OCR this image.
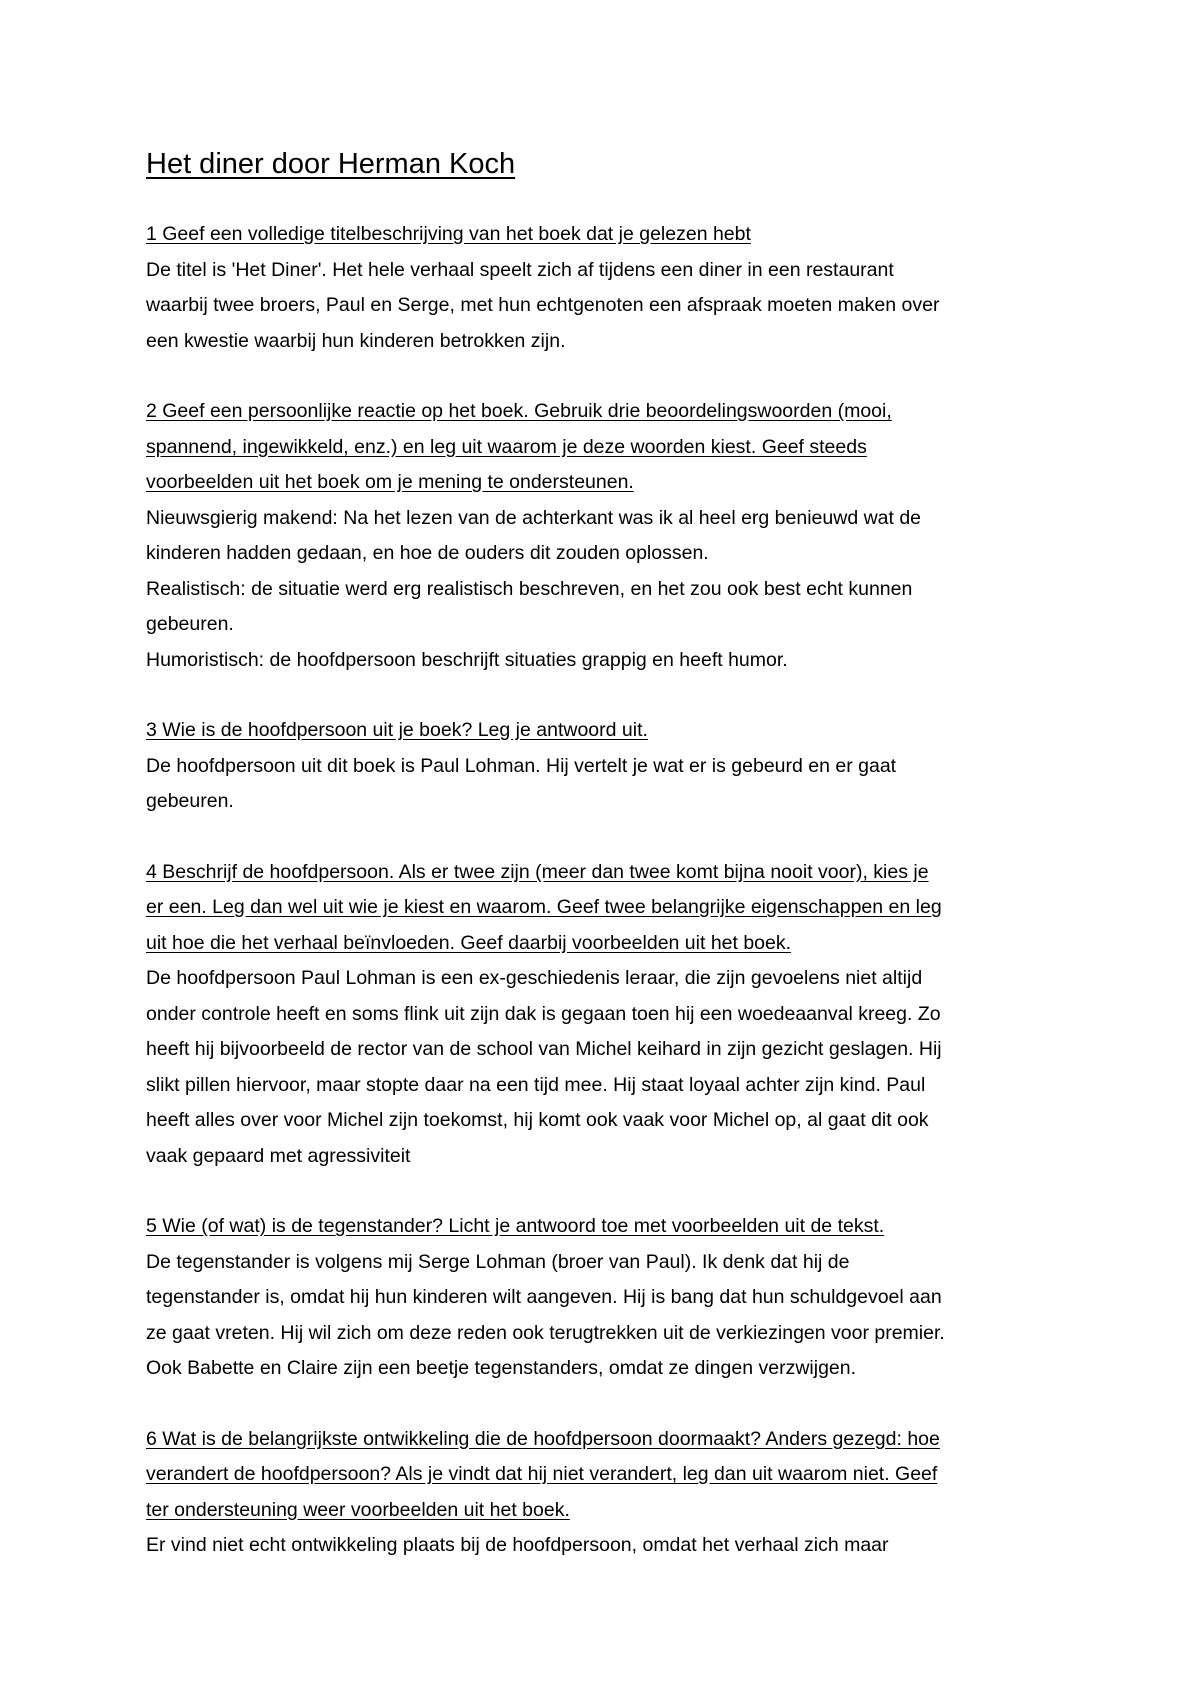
Het diner door Herman Koch
1 Geef een volledige titelbeschrijving van het boek dat je gelezen hebt
De titel is 'Het Diner'. Het hele verhaal speelt zich af tijdens een diner in een restaurant
waarbij twee broers, Paul en Serge, met hun echtgenoten een afspraak moeten maken over
een kwestie waarbij hun kinderen betrokken zijn.
2 Geef een persoonlijke reactie op het boek. Gebruik drie beoordelingswoorden (mooi,
spannend, ingewikkeld, enz.) en leg uit waarom je deze woorden kiest. Geef steeds
voorbeelden uit het boek om je mening te ondersteunen.
Nieuwsgierig makend: Na het lezen van de achterkant was ik al heel erg benieuwd wat de
kinderen hadden gedaan, en hoe de ouders dit zouden oplossen.
Realistisch: de situatie werd erg realistisch beschreven, en het zou ook best echt kunnen
gebeuren.
Humoristisch: de hoofdpersoon beschrijft situaties grappig en heeft humor.
3 Wie is de hoofdpersoon uit je boek? Leg je antwoord uit.
De hoofdpersoon uit dit boek is Paul Lohman. Hij vertelt je wat er is gebeurd en er gaat
gebeuren.
4 Beschrijf de hoofdpersoon. Als er twee zijn (meer dan twee komt bijna nooit voor), kies je
er een. Leg dan wel uit wie je kiest en waarom. Geef twee belangrijke eigenschappen en leg
uit hoe die het verhaal beïnvloeden. Geef daarbij voorbeelden uit het boek.
De hoofdpersoon Paul Lohman is een ex-geschiedenis leraar, die zijn gevoelens niet altijd
onder controle heeft en soms flink uit zijn dak is gegaan toen hij een woedeaanval kreeg. Zo
heeft hij bijvoorbeeld de rector van de school van Michel keihard in zijn gezicht geslagen. Hij
slikt pillen hiervoor, maar stopte daar na een tijd mee. Hij staat loyaal achter zijn kind. Paul
heeft alles over voor Michel zijn toekomst, hij komt ook vaak voor Michel op, al gaat dit ook
vaak gepaard met agressiviteit
5 Wie (of wat) is de tegenstander? Licht je antwoord toe met voorbeelden uit de tekst.
De tegenstander is volgens mij Serge Lohman (broer van Paul). Ik denk dat hij de
tegenstander is, omdat hij hun kinderen wilt aangeven. Hij is bang dat hun schuldgevoel aan
ze gaat vreten. Hij wil zich om deze reden ook terugtrekken uit de verkiezingen voor premier.
Ook Babette en Claire zijn een beetje tegenstanders, omdat ze dingen verzwijgen.
6 Wat is de belangrijkste ontwikkeling die de hoofdpersoon doormaakt? Anders gezegd: hoe
verandert de hoofdpersoon? Als je vindt dat hij niet verandert, leg dan uit waarom niet. Geef
ter ondersteuning weer voorbeelden uit het boek.
Er vind niet echt ontwikkeling plaats bij de hoofdpersoon, omdat het verhaal zich maar
